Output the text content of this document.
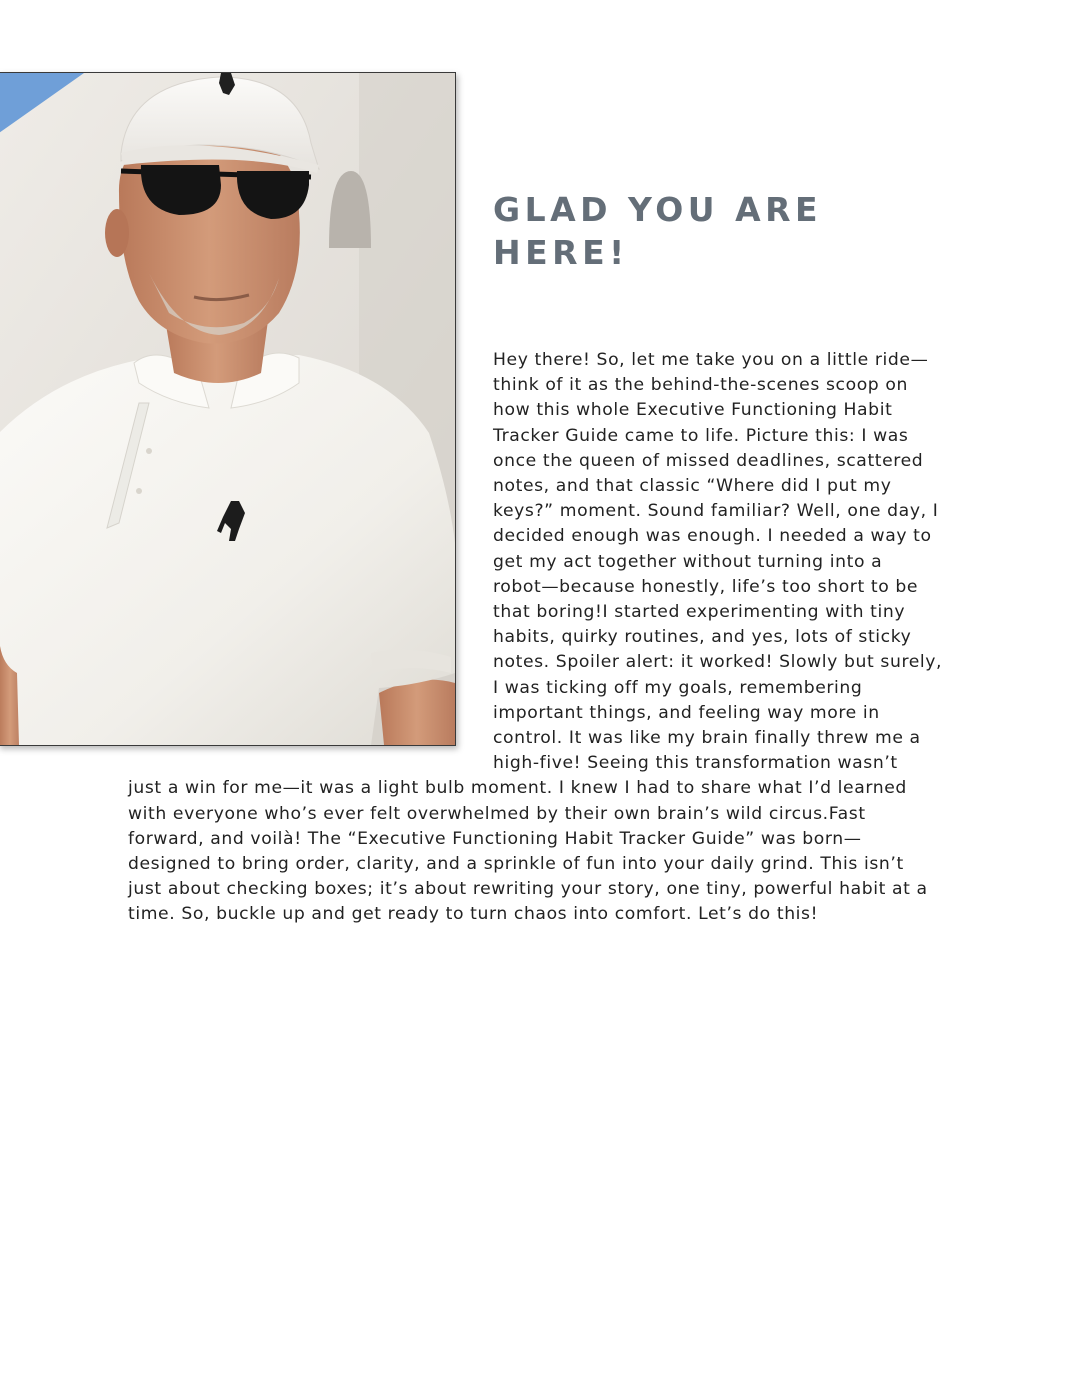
GLAD YOU ARE
HERE!

Hey there! So, let me take you on a little ride—

think of it as the behind-the-scenes scoop on

how this whole Executive Functioning Habit

Tracker Guide came to life. Picture this: I was

once the queen of missed deadlines, scattered

notes, and that classic “Where did I put my

keys?” moment. Sound familiar? Well, one day, I

decided enough was enough. I needed a way to

get my act together without turning into a

robot—because honestly, life’s too short to be

that boring!I started experimenting with tiny

habits, quirky routines, and yes, lots of sticky

notes. Spoiler alert: it worked! Slowly but surely,

I was ticking off my goals, remembering

important things, and feeling way more in

control. It was like my brain finally threw me a

high-five! Seeing this transformation wasn’t

just a win for me—it was a light bulb moment. I knew I had to share what I’d learned

with everyone who’s ever felt overwhelmed by their own brain’s wild circus.Fast

forward, and voilà! The “Executive Functioning Habit Tracker Guide” was born—

designed to bring order, clarity, and a sprinkle of fun into your daily grind. This isn’t

just about checking boxes; it’s about rewriting your story, one tiny, powerful habit at a

time. So, buckle up and get ready to turn chaos into comfort. Let’s do this!
